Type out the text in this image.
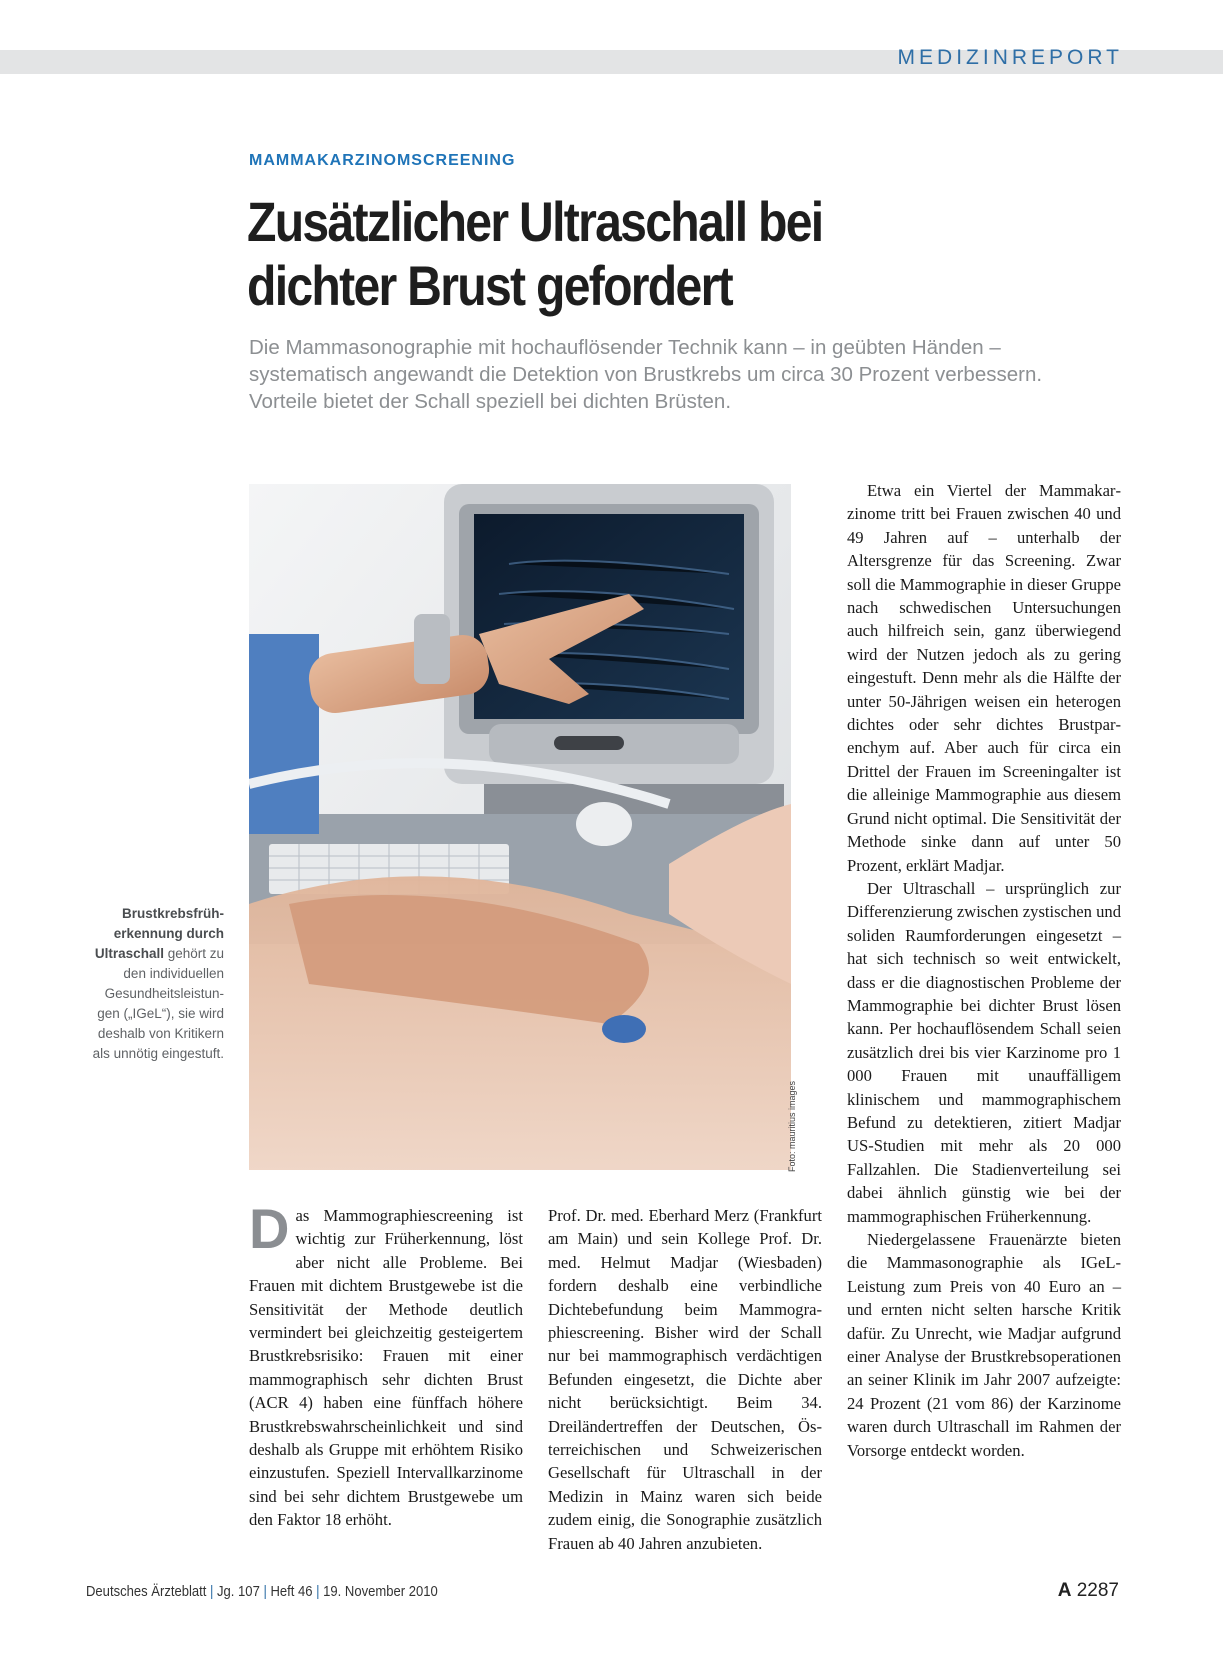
MEDIZINREPORT
MAMMAKARZINOMSCREENING
Zusätzlicher Ultraschall bei
dichter Brust gefordert

Die Mammasonographie mit hochauflösender Technik kann – in geübten Händen – systematisch angewandt die Detektion von Brustkrebs um circa 30 Prozent verbessern. Vorteile bietet der Schall speziell bei dichten Brüsten.

Foto: mauritius images

Brustkrebsfrüherkennung durch Ultraschall gehört zu den individuellen Gesundheitsleistungen („IGeL“), sie wird deshalb von Kritikern als unnötig eingestuft.

Das Mammographiescreening ist wichtig zur Früherkennung, löst aber nicht alle Probleme. Bei Frauen mit dichtem Brustgewebe ist die Sensitivität der Methode deutlich vermindert bei gleichzeitig gesteigertem Brustkrebsrisiko: Frauen mit einer mammographisch sehr dichten Brust (ACR 4) haben eine fünffach höhere Brustkrebswahrscheinlichkeit und sind deshalb als Gruppe mit erhöhtem Risiko einzustufen. Speziell Intervallkarzinome sind bei sehr dichtem Brustgewebe um den Faktor 18 erhöht.

Prof. Dr. med. Eberhard Merz (Frankfurt am Main) und sein Kollege Prof. Dr. med. Helmut Madjar (Wiesbaden) fordern deshalb eine verbindliche Dichtebefundung beim Mammographiescreening. Bisher wird der Schall nur bei mammographisch verdächtigen Befunden eingesetzt, die Dichte aber nicht berücksichtigt. Beim 34. Dreiländertreffen der Deutschen, Österreichischen und Schweizerischen Gesellschaft für Ultraschall in der Medizin in Mainz waren sich beide zudem einig, die Sonographie zusätzlich Frauen ab 40 Jahren anzubieten.

Etwa ein Viertel der Mammakarzinome tritt bei Frauen zwischen 40 und 49 Jahren auf – unterhalb der Altersgrenze für das Screening. Zwar soll die Mammographie in dieser Gruppe nach schwedischen Untersuchungen auch hilfreich sein, ganz überwiegend wird der Nutzen jedoch als zu gering eingestuft. Denn mehr als die Hälfte der unter 50-Jährigen weisen ein heterogen dichtes oder sehr dichtes Brustparenchym auf. Aber auch für circa ein Drittel der Frauen im Screeningalter ist die alleinige Mammographie aus diesem Grund nicht optimal. Die Sensitivität der Methode sinke dann auf unter 50 Prozent, erklärt Madjar.

Der Ultraschall – ursprünglich zur Differenzierung zwischen zystischen und soliden Raumforderungen eingesetzt – hat sich technisch so weit entwickelt, dass er die diagnostischen Probleme der Mammographie bei dichter Brust lösen kann. Per hochauflösendem Schall seien zusätzlich drei bis vier Karzinome pro 1 000 Frauen mit unauffälligem klinischem und mammographischem Befund zu detektieren, zitiert Madjar US-Studien mit mehr als 20 000 Fallzahlen. Die Stadienverteilung sei dabei ähnlich günstig wie bei der mammographischen Früherkennung.

Niedergelassene Frauenärzte bieten die Mammasonographie als IGeL-Leistung zum Preis von 40 Euro an – und ernten nicht selten harsche Kritik dafür. Zu Unrecht, wie Madjar aufgrund einer Analyse der Brustkrebsoperationen an seiner Klinik im Jahr 2007 aufzeigte: 24 Prozent (21 vom 86) der Karzinome waren durch Ultraschall im Rahmen der Vorsorge entdeckt worden.

Deutsches Ärzteblatt | Jg. 107 | Heft 46 | 19. November 2010	A 2287
